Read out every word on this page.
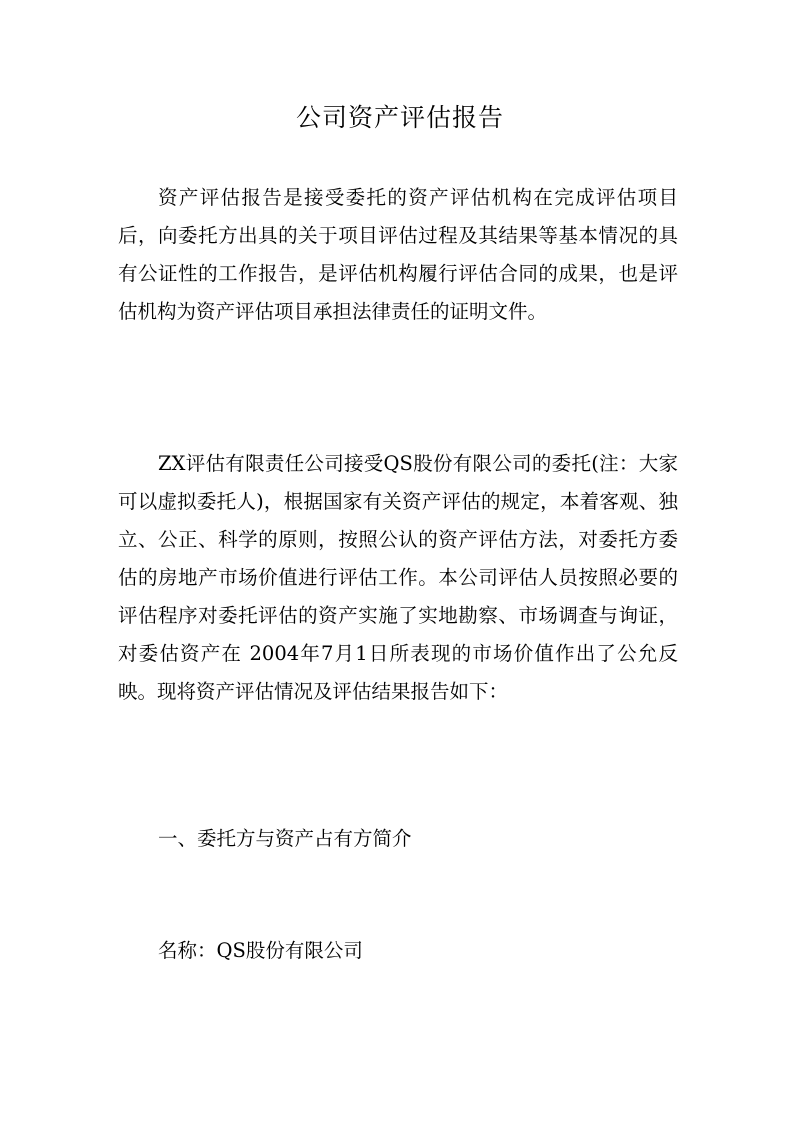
公司资产评估报告

资产评估报告是接受委托的资产评估机构在完成评估项目后，向委托方出具的关于项目评估过程及其结果等基本情况的具有公证性的工作报告，是评估机构履行评估合同的成果，也是评估机构为资产评估项目承担法律责任的证明文件。

ZX评估有限责任公司接受QS股份有限公司的委托(注：大家可以虚拟委托人)，根据国家有关资产评估的规定，本着客观、独立、公正、科学的原则，按照公认的资产评估方法，对委托方委估的房地产市场价值进行评估工作。本公司评估人员按照必要的评估程序对委托评估的资产实施了实地勘察、市场调查与询证，对委估资产在 2004年7月1日所表现的市场价值作出了公允反映。现将资产评估情况及评估结果报告如下：

一、委托方与资产占有方简介

名称：QS股份有限公司
